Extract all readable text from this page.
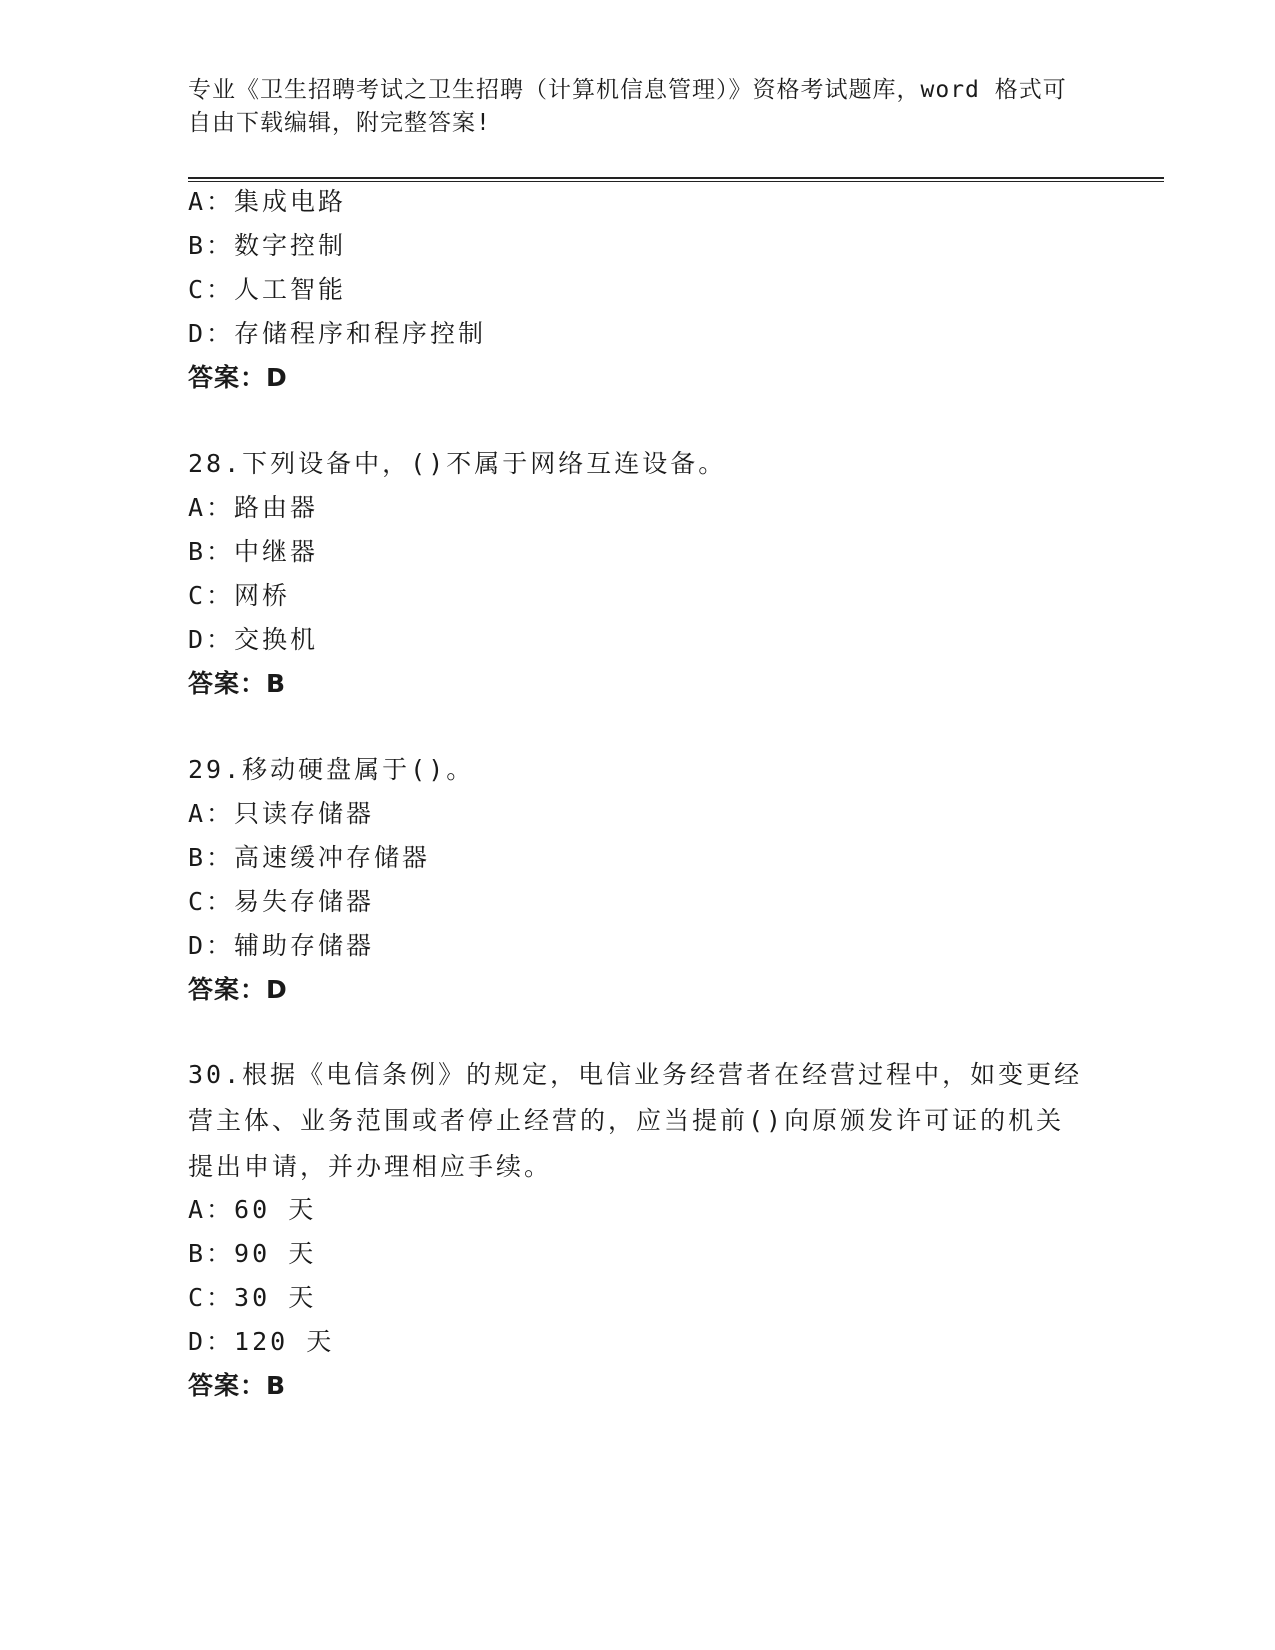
专业《卫生招聘考试之卫生招聘（计算机信息管理）》资格考试题库，word 格式可自由下载编辑，附完整答案!
A：集成电路
B：数字控制
C：人工智能
D：存储程序和程序控制
答案：D
28.下列设备中，()不属于网络互连设备。
A：路由器
B：中继器
C：网桥
D：交换机
答案：B
29.移动硬盘属于()。
A：只读存储器
B：高速缓冲存储器
C：易失存储器
D：辅助存储器
答案：D
30.根据《电信条例》的规定，电信业务经营者在经营过程中，如变更经营主体、业务范围或者停止经营的，应当提前()向原颁发许可证的机关提出申请，并办理相应手续。
A：60 天
B：90 天
C：30 天
D：120 天
答案：B
